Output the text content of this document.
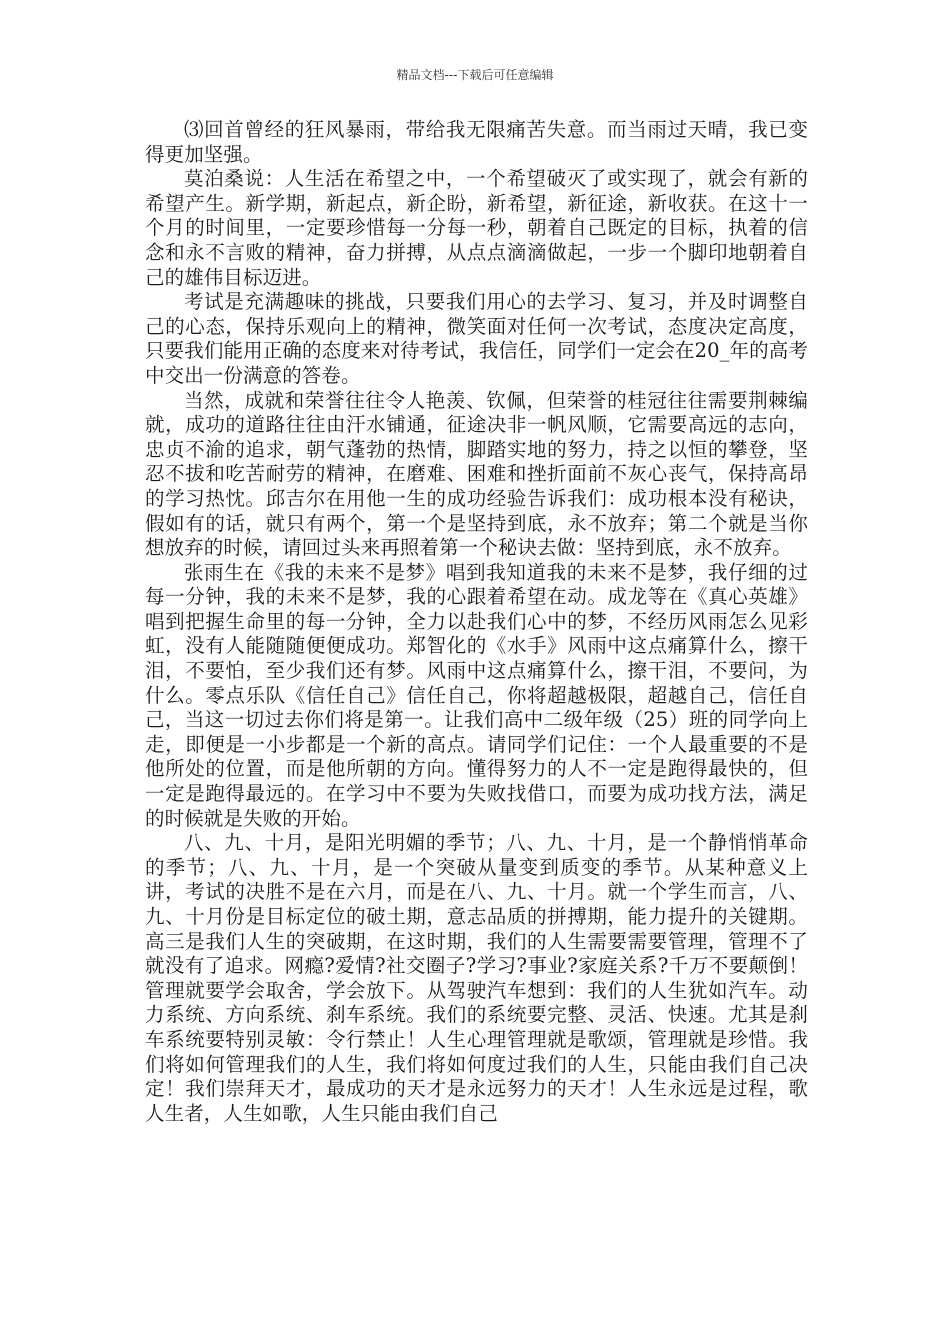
精品文档---下载后可任意编辑

⑶回首曾经的狂风暴雨，带给我无限痛苦失意。而当雨过天晴，我已变得更加坚强。

莫泊桑说：人生活在希望之中，一个希望破灭了或实现了，就会有新的希望产生。新学期，新起点，新企盼，新希望，新征途，新收获。在这十一个月的时间里，一定要珍惜每一分每一秒，朝着自己既定的目标，执着的信念和永不言败的精神，奋力拼搏，从点点滴滴做起，一步一个脚印地朝着自己的雄伟目标迈进。

考试是充满趣味的挑战，只要我们用心的去学习、复习，并及时调整自己的心态，保持乐观向上的精神，微笑面对任何一次考试，态度决定高度，只要我们能用正确的态度来对待考试，我信任，同学们一定会在20_年的高考中交出一份满意的答卷。

当然，成就和荣誉往往令人艳羡、钦佩，但荣誉的桂冠往往需要荆棘编就，成功的道路往往由汗水铺通，征途决非一帆风顺，它需要高远的志向，忠贞不渝的追求，朝气蓬勃的热情，脚踏实地的努力，持之以恒的攀登，坚忍不拔和吃苦耐劳的精神，在磨难、困难和挫折面前不灰心丧气，保持高昂的学习热忱。邱吉尔在用他一生的成功经验告诉我们：成功根本没有秘诀，假如有的话，就只有两个，第一个是坚持到底，永不放弃；第二个就是当你想放弃的时候，请回过头来再照着第一个秘诀去做：坚持到底，永不放弃。

张雨生在《我的未来不是梦》唱到我知道我的未来不是梦，我仔细的过每一分钟，我的未来不是梦，我的心跟着希望在动。成龙等在《真心英雄》唱到把握生命里的每一分钟，全力以赴我们心中的梦，不经历风雨怎么见彩虹，没有人能随随便便成功。郑智化的《水手》风雨中这点痛算什么，擦干泪，不要怕，至少我们还有梦。风雨中这点痛算什么，擦干泪，不要问，为什么。零点乐队《信任自己》信任自己，你将超越极限，超越自己，信任自己，当这一切过去你们将是第一。让我们高中二级年级（25）班的同学向上走，即便是一小步都是一个新的高点。请同学们记住：一个人最重要的不是他所处的位置，而是他所朝的方向。懂得努力的人不一定是跑得最快的，但一定是跑得最远的。在学习中不要为失败找借口，而要为成功找方法，满足的时候就是失败的开始。

八、九、十月，是阳光明媚的季节；八、九、十月，是一个静悄悄革命的季节；八、九、十月，是一个突破从量变到质变的季节。从某种意义上讲，考试的决胜不是在六月，而是在八、九、十月。就一个学生而言，八、九、十月份是目标定位的破土期，意志品质的拼搏期，能力提升的关键期。高三是我们人生的突破期，在这时期，我们的人生需要需要管理，管理不了就没有了追求。网瘾?爱情?社交圈子?学习?事业?家庭关系?千万不要颠倒！管理就要学会取舍，学会放下。从驾驶汽车想到：我们的人生犹如汽车。动力系统、方向系统、刹车系统。我们的系统要完整、灵活、快速。尤其是刹车系统要特别灵敏：令行禁止！人生心理管理就是歌颂，管理就是珍惜。我们将如何管理我们的人生，我们将如何度过我们的人生，只能由我们自己决定！我们崇拜天才，最成功的天才是永远努力的天才！人生永远是过程，歌人生者，人生如歌，人生只能由我们自己
